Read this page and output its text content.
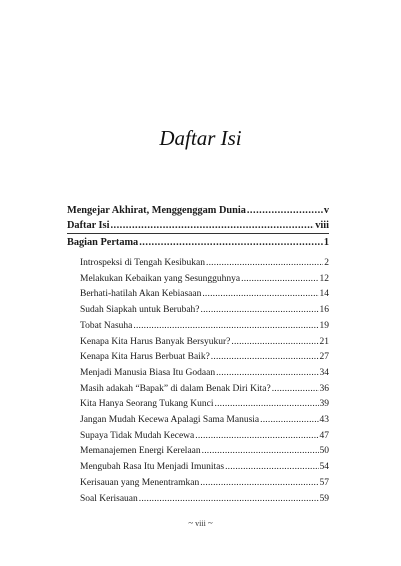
Daftar Isi
Mengejar Akhirat, Menggenggam Dunia .....	v
Daftar Isi .....	viii
Bagian Pertama .....	1
Introspeksi di Tengah Kesibukan .....	2
Melakukan Kebaikan yang Sesungguhnya .....	12
Berhati-hatilah Akan Kebiasaan .....	14
Sudah Siapkah untuk Berubah? .....	16
Tobat Nasuha .....	19
Kenapa Kita Harus Banyak Bersyukur? .....	21
Kenapa Kita Harus Berbuat Baik? .....	27
Menjadi Manusia Biasa Itu Godaan .....	34
Masih adakah “Bapak” di dalam Benak Diri Kita? .....	36
Kita Hanya Seorang Tukang Kunci .....	39
Jangan Mudah Kecewa Apalagi Sama Manusia .....	43
Supaya Tidak Mudah Kecewa .....	47
Memanajemen Energi Kerelaan .....	50
Mengubah Rasa Itu Menjadi Imunitas .....	54
Kerisauan yang Menentramkan .....	57
Soal Kerisauan .....	59
~ viii ~
